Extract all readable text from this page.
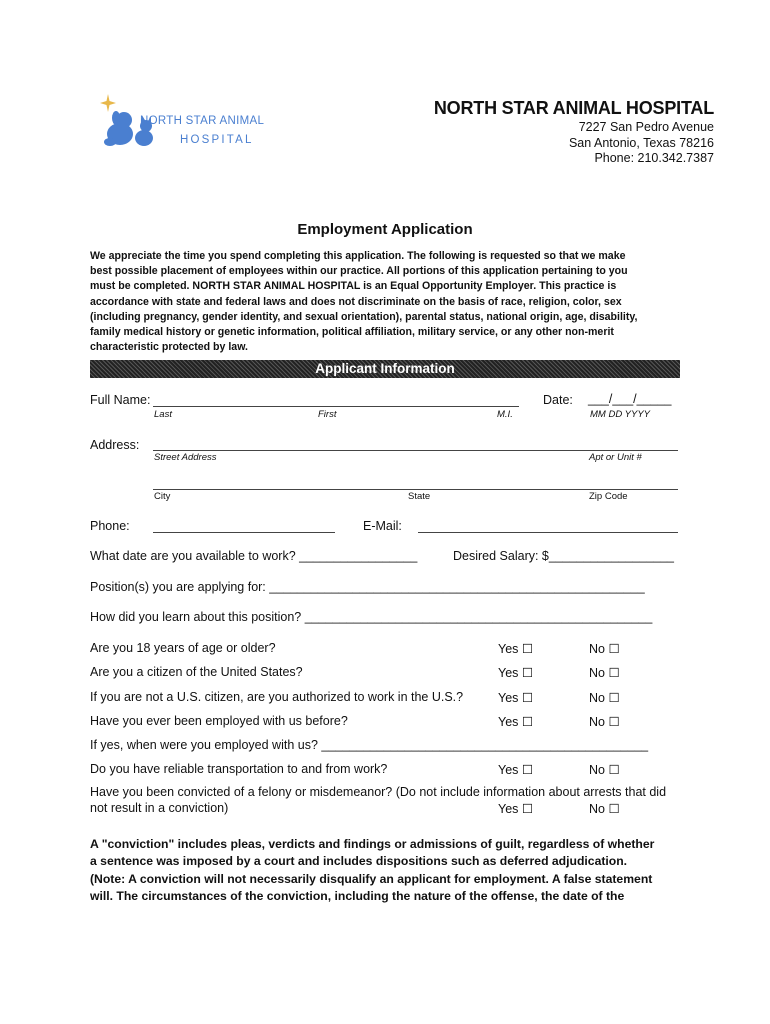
NORTH STAR ANIMAL
HOSPITAL
NORTH STAR ANIMAL HOSPITAL
7227 San Pedro Avenue
San Antonio, Texas 78216
Phone: 210.342.7387
Employment Application
We appreciate the time you spend completing this application. The following is requested so that we make
best possible placement of employees within our practice. All portions of this application pertaining to you
must be completed. NORTH STAR ANIMAL HOSPITAL is an Equal Opportunity Employer. This practice is
accordance with state and federal laws and does not discriminate on the basis of race, religion, color, sex
(including pregnancy, gender identity, and sexual orientation), parental status, national origin, age, disability,
family medical history or genetic information, political affiliation, military service, or any other non-merit
characteristic protected by law.
Applicant Information
Full Name:
Last	First	M.I.
Date: ___/___/_____
MM DD YYYY
Address:
Street Address	Apt or Unit #
City	State	Zip Code
Phone:	E-Mail:
What date are you available to work? _________________	Desired Salary: $__________________
Position(s) you are applying for: ______________________________________________________
How did you learn about this position? __________________________________________________
Are you 18 years of age or older?	Yes ☐	No ☐
Are you a citizen of the United States?	Yes ☐	No ☐
If you are not a U.S. citizen, are you authorized to work in the U.S.?	Yes ☐	No ☐
Have you ever been employed with us before?	Yes ☐	No ☐
If yes, when were you employed with us? _______________________________________________
Do you have reliable transportation to and from work?	Yes ☐	No ☐
Have you been convicted of a felony or misdemeanor? (Do not include information about arrests that did
not result in a conviction)	Yes ☐	No ☐
A "conviction" includes pleas, verdicts and findings or admissions of guilt, regardless of whether
a sentence was imposed by a court and includes dispositions such as deferred adjudication.
(Note: A conviction will not necessarily disqualify an applicant for employment. A false statement
will. The circumstances of the conviction, including the nature of the offense, the date of the
